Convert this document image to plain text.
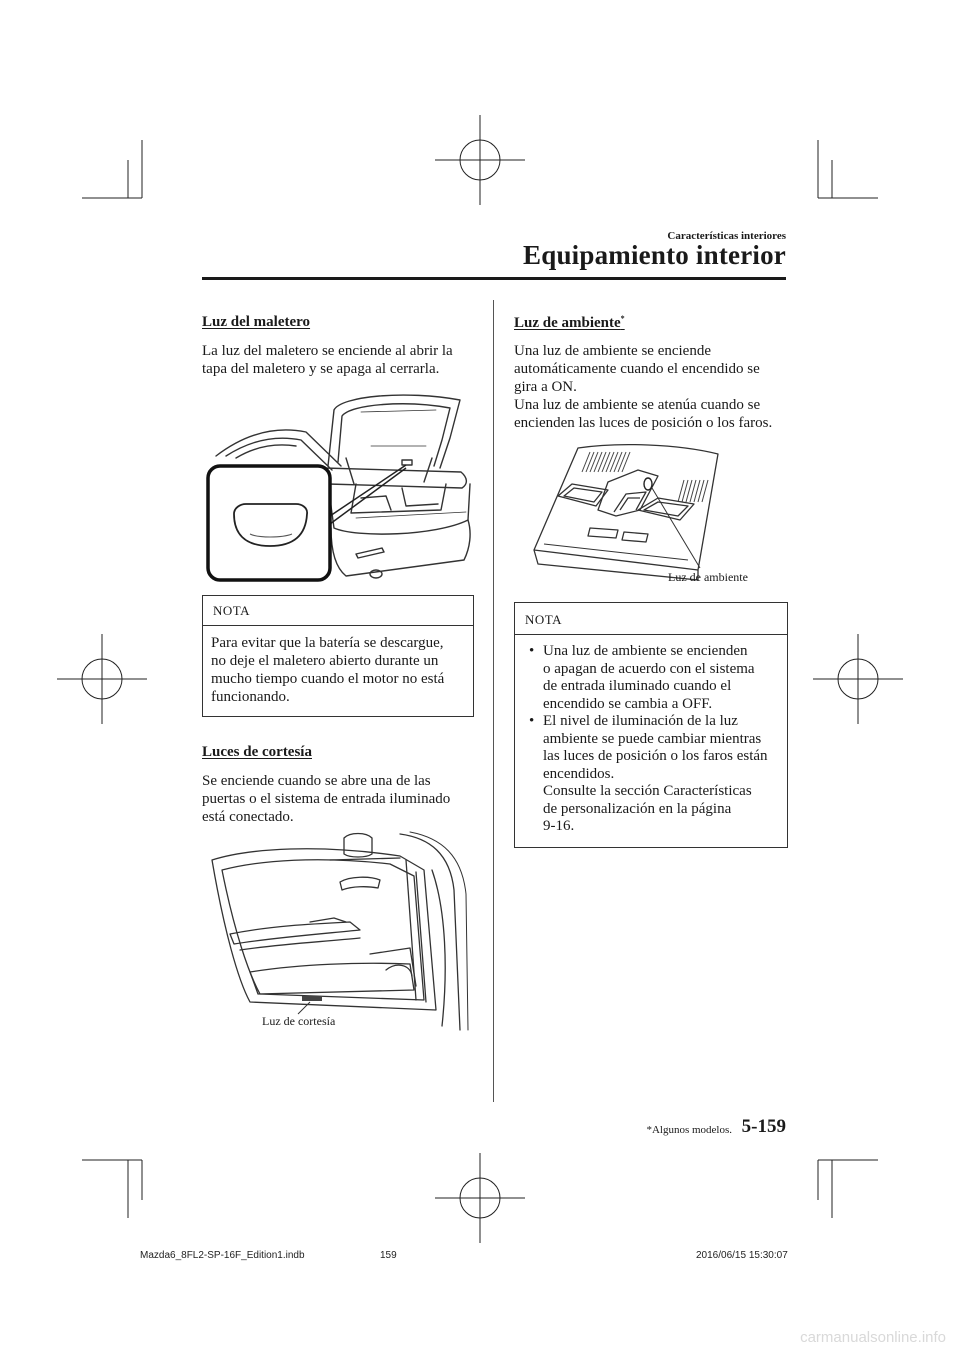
Características interiores
Equipamiento interior
Luz del maletero
La luz del maletero se enciende al abrir la
tapa del maletero y se apaga al cerrarla.
NOTA
Para evitar que la batería se descargue,
no deje el maletero abierto durante un
mucho tiempo cuando el motor no está
funcionando.
Luces de cortesía
Se enciende cuando se abre una de las
puertas o el sistema de entrada iluminado
está conectado.
Luz de cortesía
Luz de ambiente*
Una luz de ambiente se enciende
automáticamente cuando el encendido se
gira a ON.
Una luz de ambiente se atenúa cuando se
encienden las luces de posición o los faros.
Luz de ambiente
NOTA
• Una luz de ambiente se encienden
o apagan de acuerdo con el sistema
de entrada iluminado cuando el
encendido se cambia a OFF.
• El nivel de iluminación de la luz
ambiente se puede cambiar mientras
las luces de posición o los faros están
encendidos.
Consulte la sección Características
de personalización en la página
9-16.
*Algunos modelos. 5-159
Mazda6_8FL2-SP-16F_Edition1.indb	159	2016/06/15 15:30:07
carmanualsonline.info
